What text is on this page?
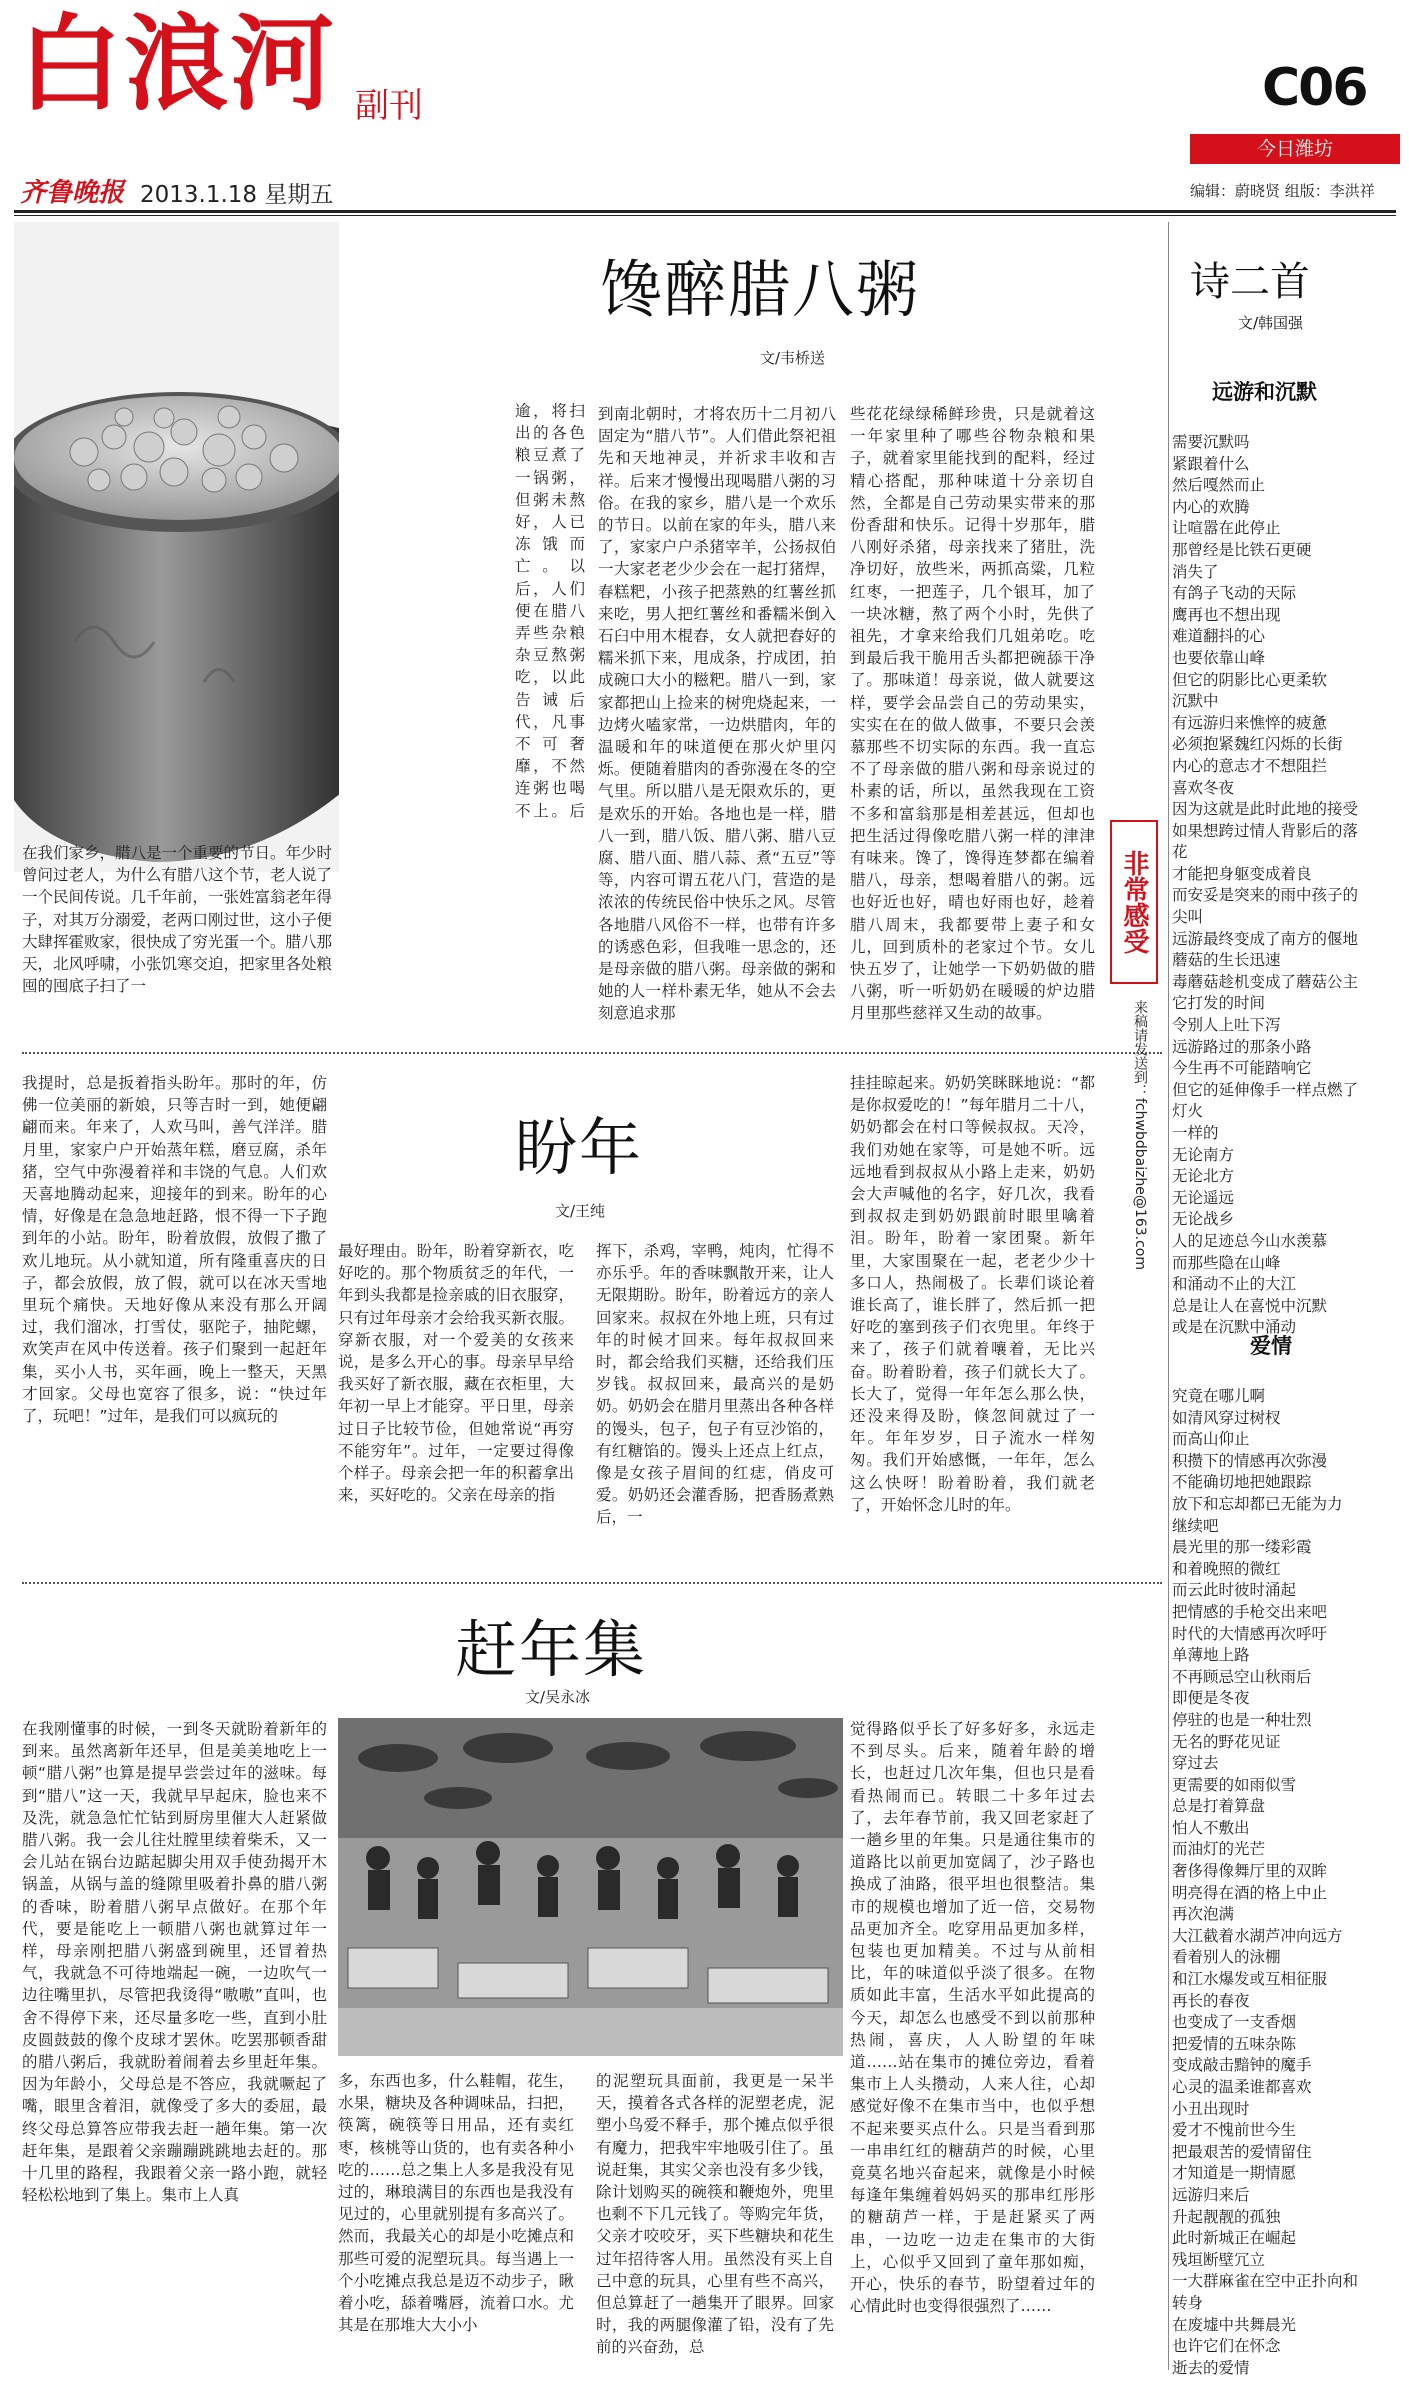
白浪河 副刊	C06
今日潍坊
齐鲁晚报 2013.1.18 星期五	编辑：蔚晓贤 组版：李洪祥
馋醉腊八粥
文/韦桥送
逾，将扫出的各色粮豆煮了一锅粥，但粥未熬好，人已冻饿而亡。以后，人们便在腊八弄些杂粮杂豆熬粥吃，以此告诫后代，凡事不可奢靡，不然连粥也喝不上。后
在我们家乡，腊八是一个重要的节日。年少时曾问过老人，为什么有腊八这个节，老人说了一个民间传说。几千年前，一张姓富翁老年得子，对其万分溺爱，老两口刚过世，这小子便大肆挥霍败家，很快成了穷光蛋一个。腊八那天，北风呼啸，小张饥寒交迫，把家里各处粮囤的囤底子扫了一
到南北朝时，才将农历十二月初八固定为“腊八节”。人们借此祭祀祖先和天地神灵，并祈求丰收和吉祥。后来才慢慢出现喝腊八粥的习俗。在我的家乡，腊八是一个欢乐的节日。以前在家的年头，腊八来了，家家户户杀猪宰羊，公扬叔伯一大家老老少少会在一起打猪焊，春糕粑，小孩子把蒸熟的红薯丝抓来吃，男人把红薯丝和番糯米倒入石臼中用木棍舂，女人就把舂好的糯米抓下来，甩成条，拧成团，拍成碗口大小的糍粑。腊八一到，家家都把山上捡来的树兜烧起来，一边烤火嗑家常，一边烘腊肉，年的温暖和年的味道便在那火炉里闪烁。便随着腊肉的香弥漫在冬的空气里。所以腊八是无限欢乐的，更是欢乐的开始。各地也是一样，腊八一到，腊八饭、腊八粥、腊八豆腐、腊八面、腊八蒜、煮“五豆”等等，内容可谓五花八门，营造的是浓浓的传统民俗中快乐之风。尽管各地腊八风俗不一样，也带有许多的诱惑色彩，但我唯一思念的，还是母亲做的腊八粥。母亲做的粥和她的人一样朴素无华，她从不会去刻意追求那
些花花绿绿稀鲜珍贵，只是就着这一年家里种了哪些谷物杂粮和果子，就着家里能找到的配料，经过精心搭配，那种味道十分亲切自然，全都是自己劳动果实带来的那份香甜和快乐。记得十岁那年，腊八刚好杀猪，母亲找来了猪肚，洗净切好，放些米，两抓高粱，几粒红枣，一把莲子，几个银耳，加了一块冰糖，熬了两个小时，先供了祖先，才拿来给我们几姐弟吃。吃到最后我干脆用舌头都把碗舔干净了。那味道！母亲说，做人就要这样，要学会品尝自己的劳动果实，实实在在的做人做事，不要只会羡慕那些不切实际的东西。我一直忘不了母亲做的腊八粥和母亲说过的朴素的话，所以，虽然我现在工资不多和富翁那是相差甚远，但却也把生活过得像吃腊八粥一样的津津有味来。馋了，馋得连梦都在编着腊八，母亲，想喝着腊八的粥。远也好近也好，晴也好雨也好，趁着腊八周末，我都要带上妻子和女儿，回到质朴的老家过个节。女儿快五岁了，让她学一下奶奶做的腊八粥，听一听奶奶在暖暖的炉边腊月里那些慈祥又生动的故事。
盼年
文/王纯
我提时，总是扳着指头盼年。那时的年，仿佛一位美丽的新娘，只等吉时一到，她便翩翩而来。年来了，人欢马叫，善气洋洋。腊月里，家家户户开始蒸年糕，磨豆腐，杀年猪，空气中弥漫着祥和丰饶的气息。人们欢天喜地腾动起来，迎接年的到来。盼年的心情，好像是在急急地赶路，恨不得一下子跑到年的小站。盼年，盼着放假，放假了撒了欢儿地玩。从小就知道，所有隆重喜庆的日子，都会放假，放了假，就可以在冰天雪地里玩个痛快。天地好像从来没有那么开阔过，我们溜冰，打雪仗，驱陀子，抽陀螺，欢笑声在风中传送着。孩子们聚到一起赶年集，买小人书，买年画，晚上一整天，天黑才回家。父母也宽容了很多，说：“快过年了，玩吧！”过年，是我们可以疯玩的
最好理由。盼年，盼着穿新衣，吃好吃的。那个物质贫乏的年代，一年到头我都是捡亲戚的旧衣服穿，只有过年母亲才会给我买新衣服。穿新衣服，对一个爱美的女孩来说，是多么开心的事。母亲早早给我买好了新衣服，藏在衣柜里，大年初一早上才能穿。平日里，母亲过日子比较节俭，但她常说“再穷不能穷年”。过年，一定要过得像个样子。母亲会把一年的积蓄拿出来，买好吃的。父亲在母亲的指
挥下，杀鸡，宰鸭，炖肉，忙得不亦乐乎。年的香味飘散开来，让人无限期盼。盼年，盼着远方的亲人回家来。叔叔在外地上班，只有过年的时候才回来。每年叔叔回来时，都会给我们买糖，还给我们压岁钱。叔叔回来，最高兴的是奶奶。奶奶会在腊月里蒸出各种各样的馒头，包子，包子有豆沙馅的，有红糖馅的。馒头上还点上红点，像是女孩子眉间的红痣，俏皮可爱。奶奶还会灌香肠，把香肠煮熟后，一
挂挂晾起来。奶奶笑眯眯地说：“都是你叔爱吃的！”每年腊月二十八，奶奶都会在村口等候叔叔。天冷，我们劝她在家等，可是她不听。远远地看到叔叔从小路上走来，奶奶会大声喊他的名字，好几次，我看到叔叔走到奶奶跟前时眼里噙着泪。盼年，盼着一家团聚。新年里，大家围聚在一起，老老少少十多口人，热闹极了。长辈们谈论着谁长高了，谁长胖了，然后抓一把好吃的塞到孩子们衣兜里。年终于来了，孩子们就着嚷着，无比兴奋。盼着盼着，孩子们就长大了。长大了，觉得一年年怎么那么快，还没来得及盼，倏忽间就过了一年。年年岁岁，日子流水一样匆匆。我们开始感慨，一年年，怎么这么快呀！盼着盼着，我们就老了，开始怀念儿时的年。
赶年集
文/吴永冰
在我刚懂事的时候，一到冬天就盼着新年的到来。虽然离新年还早，但是美美地吃上一顿“腊八粥”也算是提早尝尝过年的滋味。每到“腊八”这一天，我就早早起床，脸也来不及洗，就急急忙忙钻到厨房里催大人赶紧做腊八粥。我一会儿往灶膛里续着柴禾，又一会儿站在锅台边踮起脚尖用双手使劲揭开木锅盖，从锅与盖的缝隙里吸着扑鼻的腊八粥的香味，盼着腊八粥早点做好。在那个年代，要是能吃上一顿腊八粥也就算过年一样，母亲刚把腊八粥盛到碗里，还冒着热气，我就急不可待地端起一碗，一边吹气一边往嘴里扒，尽管把我烫得“嗷嗷”直叫，也舍不得停下来，还尽量多吃一些，直到小肚皮圆鼓鼓的像个皮球才罢休。吃罢那顿香甜的腊八粥后，我就盼着闹着去乡里赶年集。因为年龄小，父母总是不答应，我就噘起了嘴，眼里含着泪，就像受了多大的委屈，最终父母总算答应带我去赶一趟年集。第一次赶年集，是跟着父亲蹦蹦跳跳地去赶的。那十几里的路程，我跟着父亲一路小跑，就轻轻松松地到了集上。集市上人真
多，东西也多，什么鞋帽，花生，水果，糖块及各种调味品，扫把，筷篱，碗筷等日用品，还有卖红枣，核桃等山货的，也有卖各种小吃的……总之集上人多是我没有见过的，琳琅满目的东西也是我没有见过的，心里就别提有多高兴了。然而，我最关心的却是小吃摊点和那些可爱的泥塑玩具。每当遇上一个小吃摊点我总是迈不动步子，瞅着小吃，舔着嘴唇，流着口水。尤其是在那堆大大小小
的泥塑玩具面前，我更是一呆半天，摸着各式各样的泥塑老虎，泥塑小鸟爱不释手，那个摊点似乎很有魔力，把我牢牢地吸引住了。虽说赶集，其实父亲也没有多少钱，除计划购买的碗筷和鞭炮外，兜里也剩不下几元钱了。等购完年货，父亲才咬咬牙，买下些糖块和花生过年招待客人用。虽然没有买上自己中意的玩具，心里有些不高兴，但总算赶了一趟集开了眼界。回家时，我的两腿像灌了铅，没有了先前的兴奋劲，总
觉得路似乎长了好多好多，永远走不到尽头。后来，随着年龄的增长，也赶过几次年集，但也只是看看热闹而已。转眼二十多年过去了，去年春节前，我又回老家赶了一趟乡里的年集。只是通往集市的道路比以前更加宽阔了，沙子路也换成了油路，很平坦也很整洁。集市的规模也增加了近一倍，交易物品更加齐全。吃穿用品更加多样，包装也更加精美。不过与从前相比，年的味道似乎淡了很多。在物质如此丰富，生活水平如此提高的今天，却怎么也感受不到以前那种热闹，喜庆，人人盼望的年味道……站在集市的摊位旁边，看着集市上人头攒动，人来人往，心却感觉好像不在集市当中，也似乎想不起来要买点什么。只是当看到那一串串红红的糖葫芦的时候，心里竟莫名地兴奋起来，就像是小时候每逢年集缠着妈妈买的那串红彤彤的糖葫芦一样，于是赶紧买了两串，一边吃一边走在集市的大街上，心似乎又回到了童年那如痴，开心，快乐的春节，盼望着过年的心情此时也变得很强烈了……
非常感受
来稿请发送到：fchwbdbaizhe@163.com
诗二首
文/韩国强
远游和沉默
需要沉默吗
紧跟着什么
然后嘎然而止
内心的欢腾
让喧嚣在此停止
那曾经是比铁石更硬
消失了
有鸽子飞动的天际
鹰再也不想出现
难道翻抖的心
也要依靠山峰
但它的阴影比心更柔软
沉默中
有远游归来憔悴的疲惫
必须抱紧魏红闪烁的长街
内心的意志才不想阻拦
喜欢冬夜
因为这就是此时此地的接受
如果想跨过情人背影后的落
花
才能把身躯变成着良
而安妥是突来的雨中孩子的
尖叫
远游最终变成了南方的偃地
蘑菇的生长迅速
毒蘑菇趁机变成了蘑菇公主
它打发的时间
令别人上吐下泻
远游路过的那条小路
今生再不可能踏响它
但它的延伸像手一样点燃了
灯火
一样的
无论南方
无论北方
无论遥远
无论战乡
人的足迹总今山水羡慕
而那些隐在山峰
和涌动不止的大江
总是让人在喜悦中沉默
或是在沉默中涌动
爱情
究竟在哪儿啊
如清风穿过树杈
而高山仰止
积攒下的情感再次弥漫
不能确切地把她跟踪
放下和忘却都已无能为力
继续吧
晨光里的那一缕彩霞
和着晚照的微红
而云此时彼时涌起
把情感的手枪交出来吧
时代的大情感再次呼吁
单薄地上路
不再顾忌空山秋雨后
即便是冬夜
停驻的也是一种壮烈
无名的野花见证
穿过去
更需要的如雨似雪
总是打着算盘
怕人不敷出
而油灯的光芒
奢侈得像舞厅里的双眸
明亮得在酒的格上中止
再次泡满
大江截着水湖芦冲向远方
看着别人的泳棚
和江水爆发或互相征服
再长的春夜
也变成了一支香烟
把爱情的五味杂陈
变成敲击黯钟的魔手
心灵的温柔谁都喜欢
小丑出现时
爱才不愧前世今生
把最艰苦的爱情留住
才知道是一期情愿
远游归来后
升起靓靓的孤独
此时新城正在崛起
残垣断壁冗立
一大群麻雀在空中正扑向和
转身
在废墟中共舞晨光
也许它们在怀念
逝去的爱情
